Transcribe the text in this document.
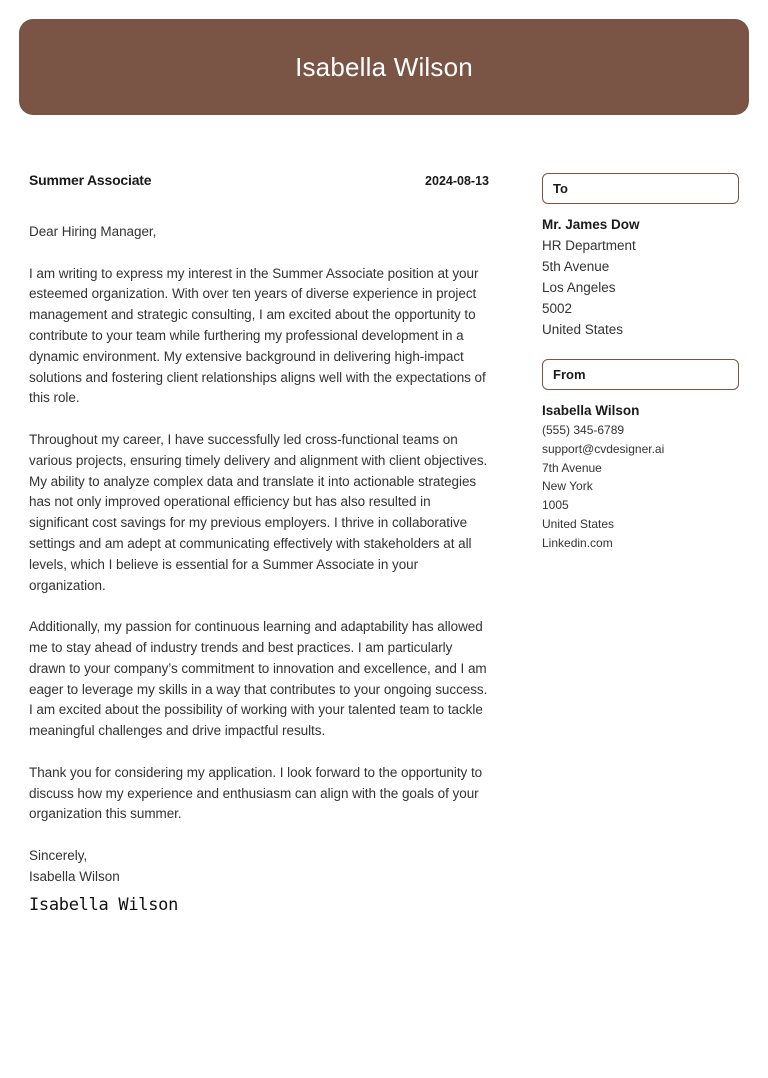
Isabella Wilson
Summer Associate	2024-08-13

Dear Hiring Manager,

I am writing to express my interest in the Summer Associate position at your esteemed organization. With over ten years of diverse experience in project management and strategic consulting, I am excited about the opportunity to contribute to your team while furthering my professional development in a dynamic environment. My extensive background in delivering high-impact solutions and fostering client relationships aligns well with the expectations of this role.

Throughout my career, I have successfully led cross-functional teams on various projects, ensuring timely delivery and alignment with client objectives. My ability to analyze complex data and translate it into actionable strategies has not only improved operational efficiency but has also resulted in significant cost savings for my previous employers. I thrive in collaborative settings and am adept at communicating effectively with stakeholders at all levels, which I believe is essential for a Summer Associate in your organization.

Additionally, my passion for continuous learning and adaptability has allowed me to stay ahead of industry trends and best practices. I am particularly drawn to your company’s commitment to innovation and excellence, and I am eager to leverage my skills in a way that contributes to your ongoing success. I am excited about the possibility of working with your talented team to tackle meaningful challenges and drive impactful results.

Thank you for considering my application. I look forward to the opportunity to discuss how my experience and enthusiasm can align with the goals of your organization this summer.

Sincerely,

Isabella Wilson

Isabella Wilson
To
Mr. James Dow
HR Department
5th Avenue
Los Angeles
5002
United States
From
Isabella Wilson
(555) 345-6789
support@cvdesigner.ai
7th Avenue
New York
1005
United States
Linkedin.com
